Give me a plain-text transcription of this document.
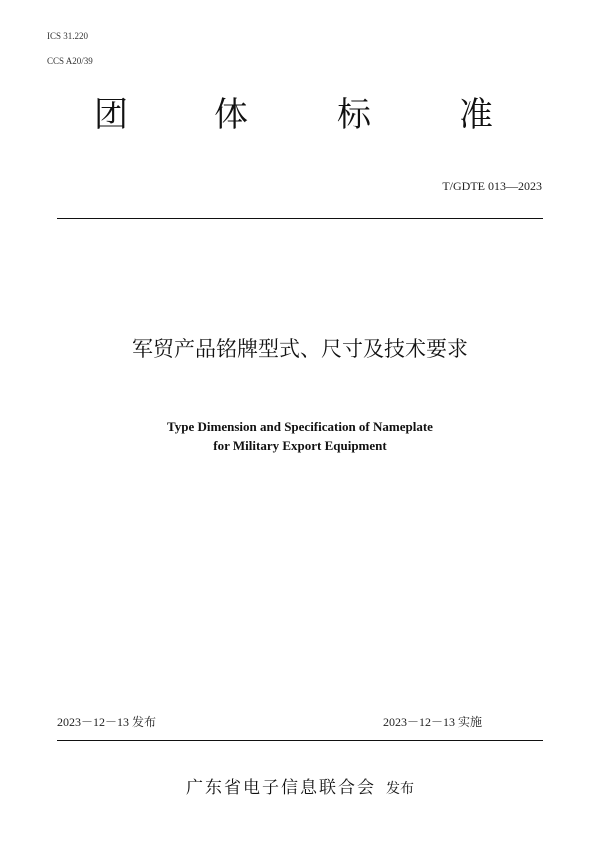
ICS 31.220
CCS A20/39
团	体	标	准
T/GDTE 013—2023
军贸产品铭牌型式、尺寸及技术要求
Type Dimension and Specification of Nameplate
for Military Export Equipment
2023－12－13 发布	2023－12－13 实施
广东省电子信息联合会 发布
